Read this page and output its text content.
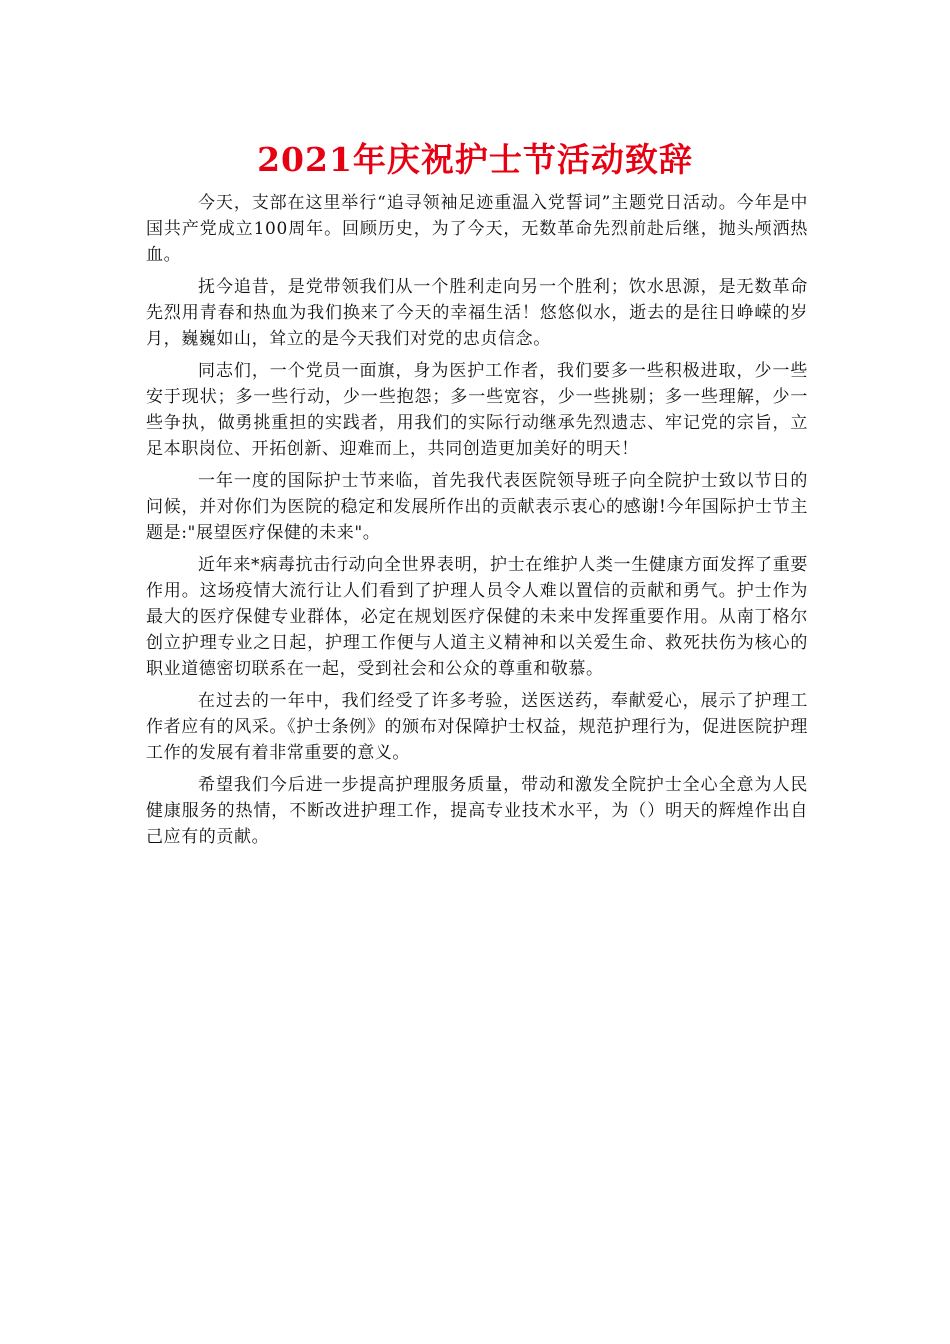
2021年庆祝护士节活动致辞

今天，支部在这里举行“追寻领袖足迹重温入党誓词”主题党日活动。今年是中国共产党成立100周年。回顾历史，为了今天，无数革命先烈前赴后继，抛头颅洒热血。

抚今追昔，是党带领我们从一个胜利走向另一个胜利；饮水思源，是无数革命先烈用青春和热血为我们换来了今天的幸福生活！悠悠似水，逝去的是往日峥嵘的岁月，巍巍如山，耸立的是今天我们对党的忠贞信念。

同志们，一个党员一面旗，身为医护工作者，我们要多一些积极进取，少一些安于现状；多一些行动，少一些抱怨；多一些宽容，少一些挑剔；多一些理解，少一些争执，做勇挑重担的实践者，用我们的实际行动继承先烈遗志、牢记党的宗旨，立足本职岗位、开拓创新、迎难而上，共同创造更加美好的明天！

一年一度的国际护士节来临，首先我代表医院领导班子向全院护士致以节日的问候，并对你们为医院的稳定和发展所作出的贡献表示衷心的感谢!今年国际护士节主题是:"展望医疗保健的未来"。

近年来*病毒抗击行动向全世界表明，护士在维护人类一生健康方面发挥了重要作用。这场疫情大流行让人们看到了护理人员令人难以置信的贡献和勇气。护士作为最大的医疗保健专业群体，必定在规划医疗保健的未来中发挥重要作用。从南丁格尔创立护理专业之日起，护理工作便与人道主义精神和以关爱生命、救死扶伤为核心的职业道德密切联系在一起，受到社会和公众的尊重和敬慕。

在过去的一年中，我们经受了许多考验，送医送药，奉献爱心，展示了护理工作者应有的风采。《护士条例》的颁布对保障护士权益，规范护理行为，促进医院护理工作的发展有着非常重要的意义。

希望我们今后进一步提高护理服务质量，带动和激发全院护士全心全意为人民健康服务的热情，不断改进护理工作，提高专业技术水平，为（）明天的辉煌作出自己应有的贡献。
